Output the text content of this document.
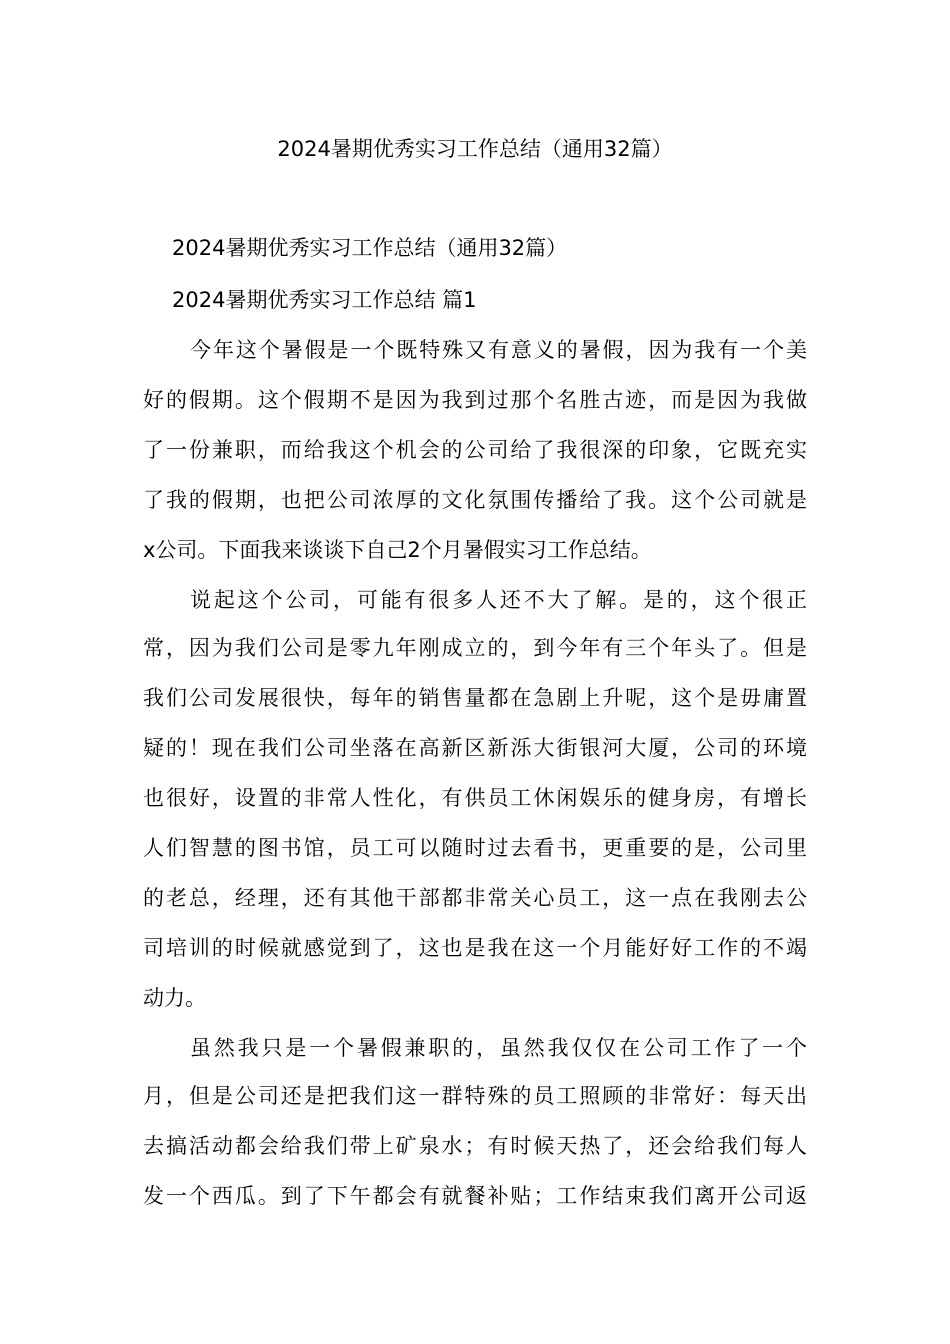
2024暑期优秀实习工作总结（通用32篇）
2024暑期优秀实习工作总结（通用32篇）
2024暑期优秀实习工作总结 篇1
今年这个暑假是一个既特殊又有意义的暑假，因为我有一个美
好的假期。这个假期不是因为我到过那个名胜古迹，而是因为我做
了一份兼职，而给我这个机会的公司给了我很深的印象，它既充实
了我的假期，也把公司浓厚的文化氛围传播给了我。这个公司就是
x公司。下面我来谈谈下自己2个月暑假实习工作总结。
说起这个公司，可能有很多人还不大了解。是的，这个很正
常，因为我们公司是零九年刚成立的，到今年有三个年头了。但是
我们公司发展很快，每年的销售量都在急剧上升呢，这个是毋庸置
疑的！现在我们公司坐落在高新区新泺大街银河大厦，公司的环境
也很好，设置的非常人性化，有供员工休闲娱乐的健身房，有增长
人们智慧的图书馆，员工可以随时过去看书，更重要的是，公司里
的老总，经理，还有其他干部都非常关心员工，这一点在我刚去公
司培训的时候就感觉到了，这也是我在这一个月能好好工作的不竭
动力。
虽然我只是一个暑假兼职的，虽然我仅仅在公司工作了一个
月，但是公司还是把我们这一群特殊的员工照顾的非常好：每天出
去搞活动都会给我们带上矿泉水；有时候天热了，还会给我们每人
发一个西瓜。到了下午都会有就餐补贴；工作结束我们离开公司返
